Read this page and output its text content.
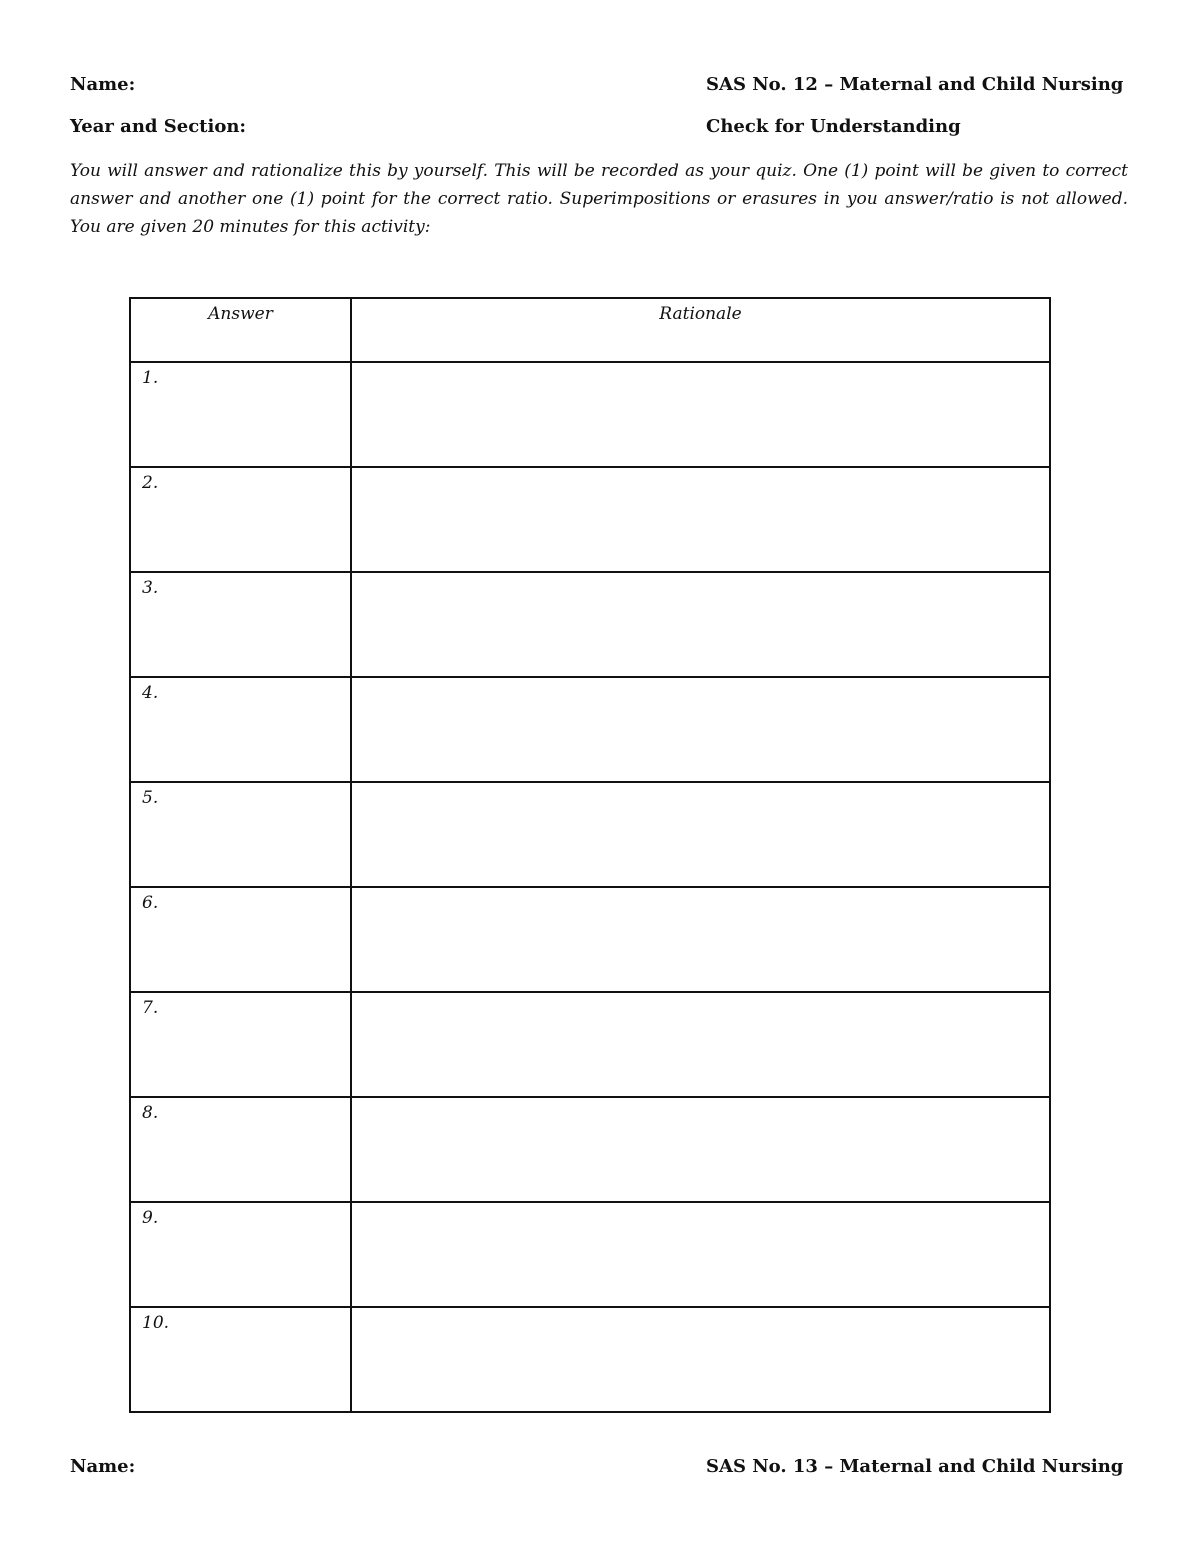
Name:	SAS No. 12 – Maternal and Child Nursing
Year and Section:	Check for Understanding

You will answer and rationalize this by yourself. This will be recorded as your quiz. One (1) point will be given to correct answer and another one (1) point for the correct ratio. Superimpositions or erasures in you answer/ratio is not allowed. You are given 20 minutes for this activity:

Answer	Rationale
1.	
2.	
3.	
4.	
5.	
6.	
7.	
8.	
9.	
10.	
Name:	SAS No. 13 – Maternal and Child Nursing
